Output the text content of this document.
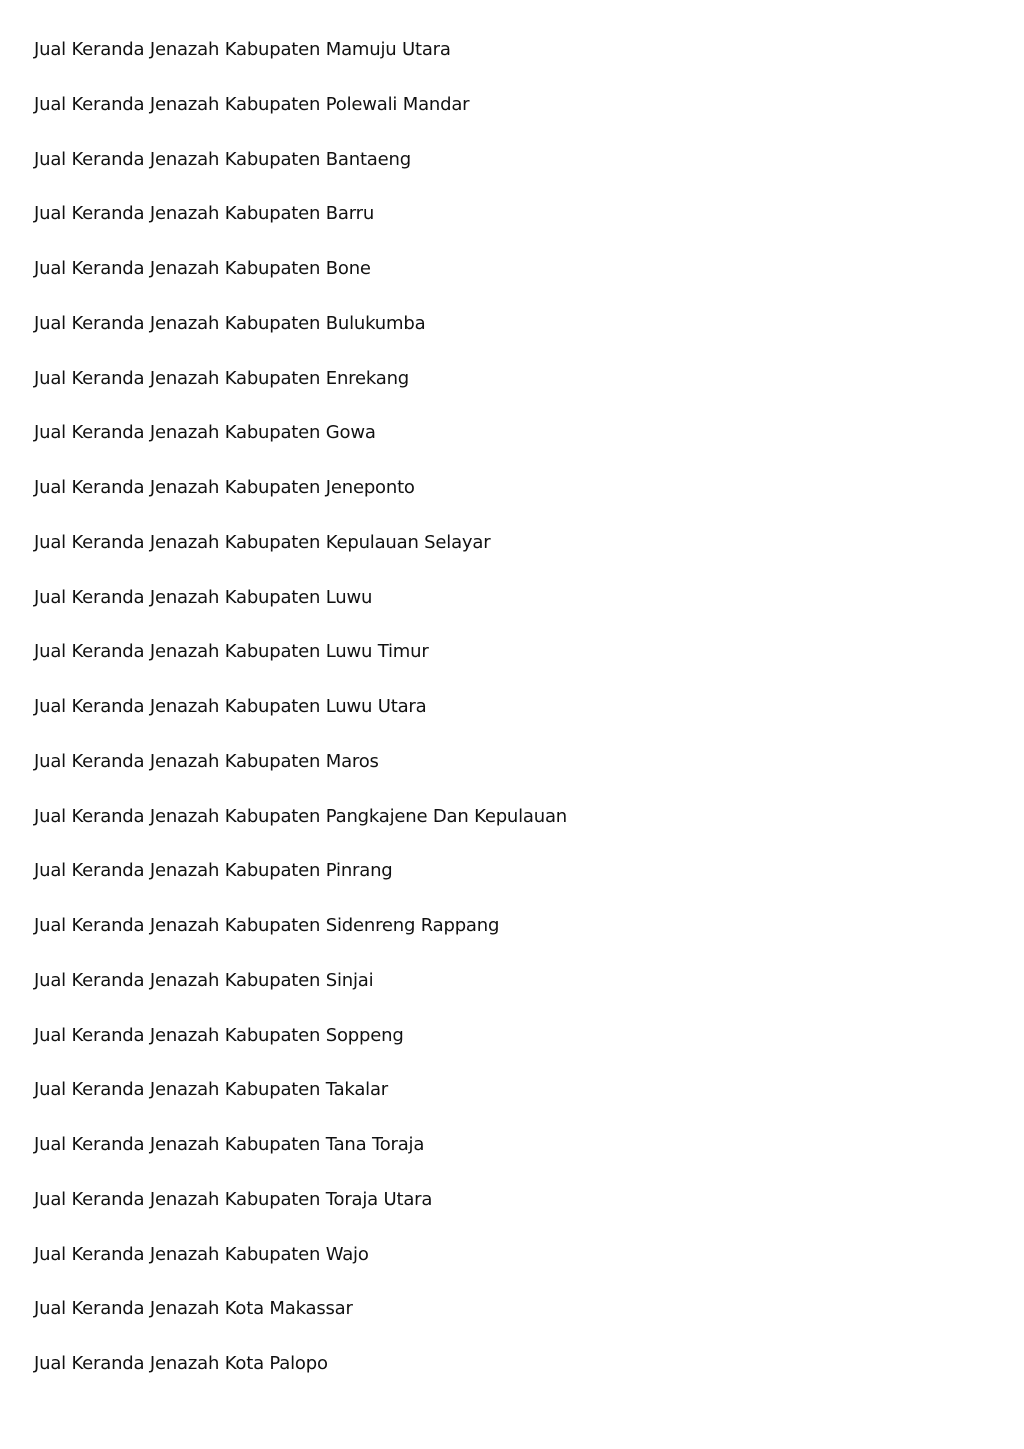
Jual Keranda Jenazah Kabupaten Mamuju Utara
Jual Keranda Jenazah Kabupaten Polewali Mandar
Jual Keranda Jenazah Kabupaten Bantaeng
Jual Keranda Jenazah Kabupaten Barru
Jual Keranda Jenazah Kabupaten Bone
Jual Keranda Jenazah Kabupaten Bulukumba
Jual Keranda Jenazah Kabupaten Enrekang
Jual Keranda Jenazah Kabupaten Gowa
Jual Keranda Jenazah Kabupaten Jeneponto
Jual Keranda Jenazah Kabupaten Kepulauan Selayar
Jual Keranda Jenazah Kabupaten Luwu
Jual Keranda Jenazah Kabupaten Luwu Timur
Jual Keranda Jenazah Kabupaten Luwu Utara
Jual Keranda Jenazah Kabupaten Maros
Jual Keranda Jenazah Kabupaten Pangkajene Dan Kepulauan
Jual Keranda Jenazah Kabupaten Pinrang
Jual Keranda Jenazah Kabupaten Sidenreng Rappang
Jual Keranda Jenazah Kabupaten Sinjai
Jual Keranda Jenazah Kabupaten Soppeng
Jual Keranda Jenazah Kabupaten Takalar
Jual Keranda Jenazah Kabupaten Tana Toraja
Jual Keranda Jenazah Kabupaten Toraja Utara
Jual Keranda Jenazah Kabupaten Wajo
Jual Keranda Jenazah Kota Makassar
Jual Keranda Jenazah Kota Palopo
